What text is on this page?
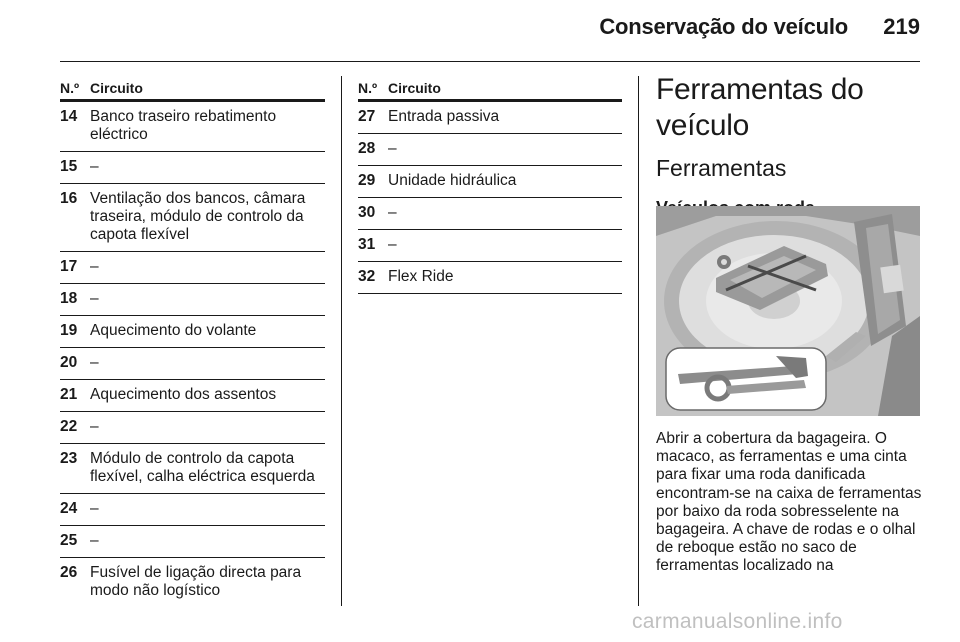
Conservação do veículo 219
N.º Circuito
14 Banco traseiro rebatimento eléctrico
15 –
16 Ventilação dos bancos, câmara traseira, módulo de controlo da capota flexível
17 –
18 –
19 Aquecimento do volante
20 –
21 Aquecimento dos assentos
22 –
23 Módulo de controlo da capota flexível, calha eléctrica esquerda
24 –
25 –
26 Fusível de ligação directa para modo não logístico
N.º Circuito
27 Entrada passiva
28 –
29 Unidade hidráulica
30 –
31 –
32 Flex Ride
Ferramentas do veículo
Ferramentas
Abrir a cobertura da bagageira. O macaco, as ferramentas e uma cinta para fixar uma roda danificada encontram-se na caixa de ferramentas por baixo da roda sobresselente na bagageira. A chave de rodas e o olhal de reboque estão no saco de ferramentas localizado na
carmanualsonline.info
